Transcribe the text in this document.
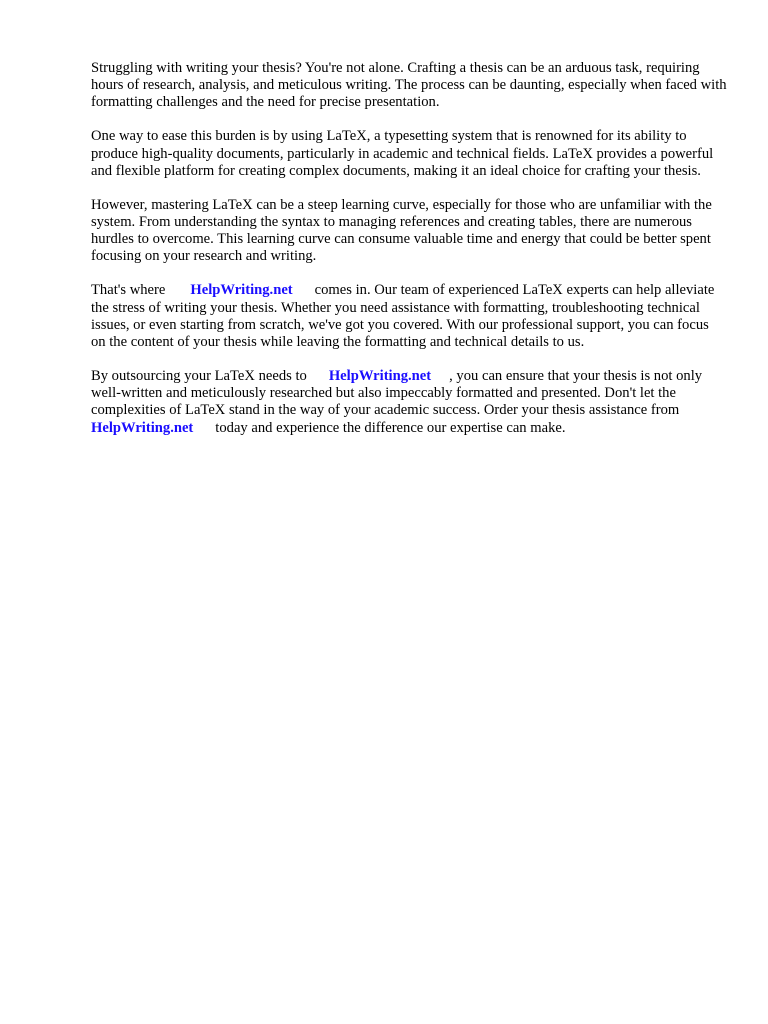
Struggling with writing your thesis? You're not alone. Crafting a thesis can be an arduous task, requiring hours of research, analysis, and meticulous writing. The process can be daunting, especially when faced with formatting challenges and the need for precise presentation.

One way to ease this burden is by using LaTeX, a typesetting system that is renowned for its ability to produce high-quality documents, particularly in academic and technical fields. LaTeX provides a powerful and flexible platform for creating complex documents, making it an ideal choice for crafting your thesis.

However, mastering LaTeX can be a steep learning curve, especially for those who are unfamiliar with the system. From understanding the syntax to managing references and creating tables, there are numerous hurdles to overcome. This learning curve can consume valuable time and energy that could be better spent focusing on your research and writing.

That's where HelpWriting.net comes in. Our team of experienced LaTeX experts can help alleviate the stress of writing your thesis. Whether you need assistance with formatting, troubleshooting technical issues, or even starting from scratch, we've got you covered. With our professional support, you can focus on the content of your thesis while leaving the formatting and technical details to us.

By outsourcing your LaTeX needs to HelpWriting.net , you can ensure that your thesis is not only well-written and meticulously researched but also impeccably formatted and presented. Don't let the complexities of LaTeX stand in the way of your academic success. Order your thesis assistance fromHelpWriting.net today and experience the difference our expertise can make.
